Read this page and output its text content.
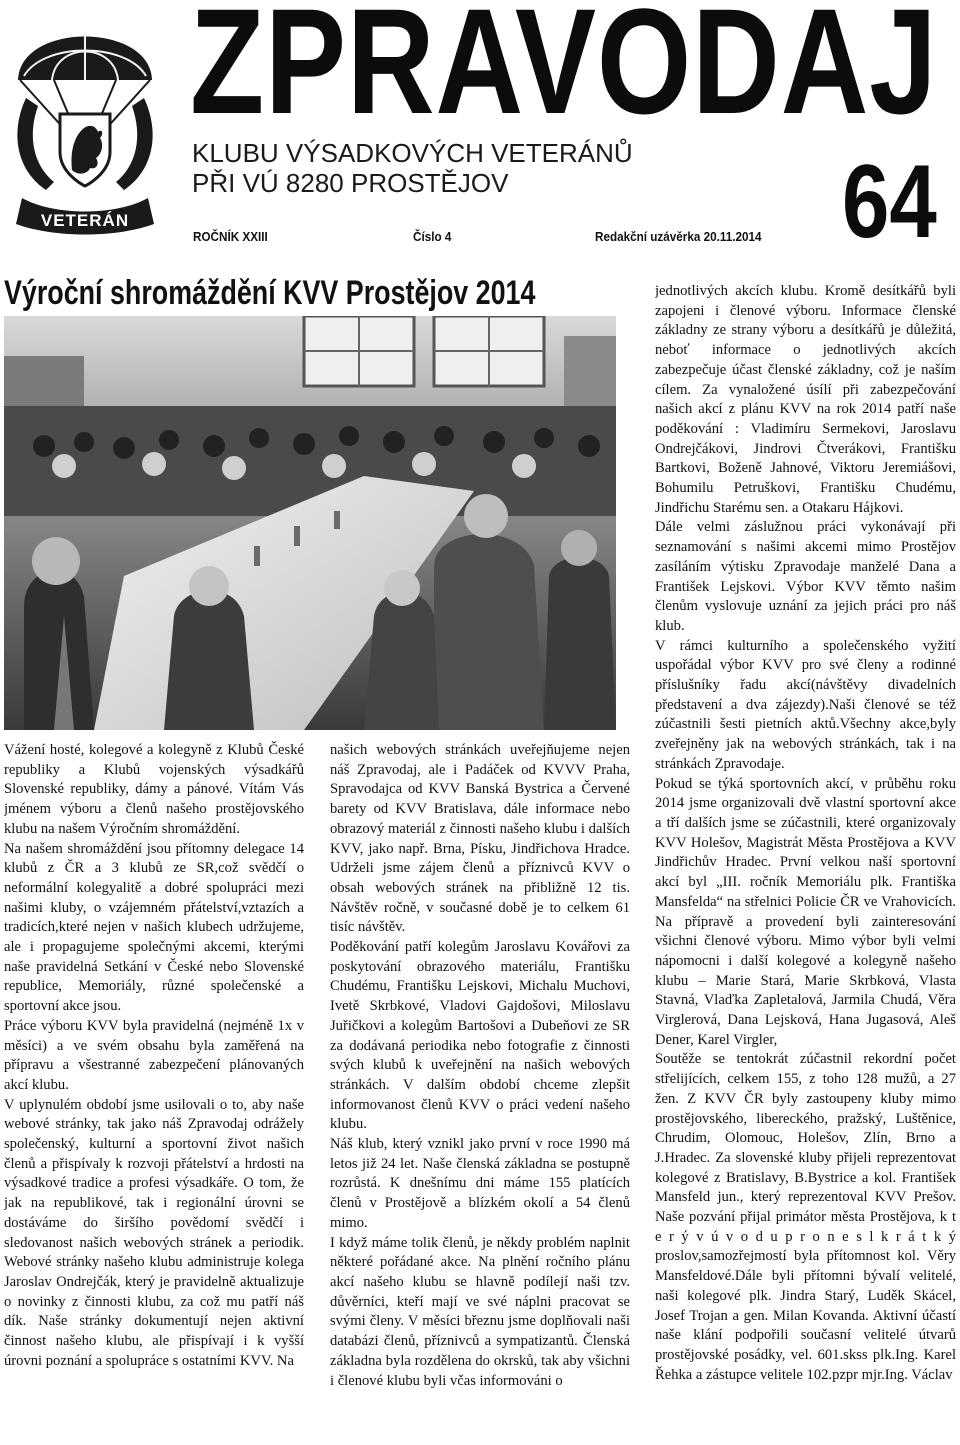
VETERÁN
ZPRAVODAJ
KLUBU VÝSADKOVÝCH VETERÁNŮ
PŘI VÚ 8280 PROSTĚJOV	64
ROČNÍK XXIII	Číslo 4	Redakční uzávěrka 20.11.2014
Výroční shromáždění KVV Prostějov 2014

Vážení hosté, kolegové a kolegyně z Klubů České republiky a Klubů vojenských výsadkářů Slovenské republiky, dámy a pánové. Vítám Vás jménem výboru a členů našeho prostějovského klubu na našem Výročním shromáždění.

Na našem shromáždění jsou přítomny delegace 14 klubů z ČR a 3 klubů ze SR,což svědčí o neformální kolegyalitě a dobré spolupráci mezi našimi kluby, o vzájemném přátelství,vztazích a tradicích,které nejen v našich klubech udržujeme, ale i propagujeme společnými akcemi, kterými naše pravidelná Setkání v České nebo Slovenské republice, Memoriály, různé společenské a sportovní akce jsou.

Práce výboru KVV byla pravidelná (nejméně 1x v měsíci) a ve svém obsahu byla zaměřená na přípravu a všestranné zabezpečení plánovaných akcí klubu.

V uplynulém období jsme usilovali o to, aby naše webové stránky, tak jako náš Zpravodaj odrážely společenský, kulturní a sportovní život našich členů a přispívaly k rozvoji přátelství a hrdosti na výsadkové tradice a profesi výsadkáře. O tom, že jak na republikové, tak i regionální úrovni se dostáváme do širšího povědomí svědčí i sledovanost našich webových stránek a periodik. Webové stránky našeho klubu administruje kolega Jaroslav Ondrejčák, který je pravidelně aktualizuje o novinky z činnosti klubu, za což mu patří náš dík. Naše stránky dokumentují nejen aktivní činnost našeho klubu, ale přispívají i k vyšší úrovni poznání a spolupráce s ostatními KVV. Na

našich webových stránkách uveřejňujeme nejen náš Zpravodaj, ale i Padáček od KVVV Praha, Spravodajca od KVV Banská Bystrica a Červené barety od KVV Bratislava, dále informace nebo obrazový materiál z činnosti našeho klubu i dalších KVV, jako např. Brna, Písku, Jindřichova Hradce. Udrželi jsme zájem členů a příznivců KVV o obsah webových stránek na přibližně 12 tis. Návštěv ročně, v současné době je to celkem 61 tisíc návštěv.

Poděkování patří kolegům Jaroslavu Kovářovi za poskytování obrazového materiálu, Františku Chudému, Františku Lejskovi, Michalu Muchovi, Ivetě Skrbkové, Vladovi Gajdošovi, Miloslavu Juřičkovi a kolegům Bartošovi a Dubeňovi ze SR za dodávaná periodika nebo fotografie z činnosti svých klubů k uveřejnění na našich webových stránkách. V dalším období chceme zlepšit informovanost členů KVV o práci vedení našeho klubu.

Náš klub, který vznikl jako první v roce 1990 má letos již 24 let. Naše členská základna se postupně rozrůstá. K dnešnímu dni máme 155 platících členů v Prostějově a blízkém okolí a 54 členů mimo.

I když máme tolik členů, je někdy problém naplnit některé pořádané akce. Na plnění ročního plánu akcí našeho klubu se hlavně podílejí naši tzv. důvěrníci, kteří mají ve své náplni pracovat se svými členy. V měsíci březnu jsme doplňovali naši databázi členů, příznivců a sympatizantů. Členská základna byla rozdělena do okrsků, tak aby všichni i členové klubu byli včas informováni o

jednotlivých akcích klubu. Kromě desítkářů byli zapojeni i členové výboru. Informace členské základny ze strany výboru a desítkářů je důležitá, neboť informace o jednotlivých akcích zabezpečuje účast členské základny, což je naším cílem. Za vynaložené úsílí při zabezpečování našich akcí z plánu KVV na rok 2014 patří naše poděkování : Vladimíru Sermekovi, Jaroslavu Ondrejčákovi, Jindrovi Čtverákovi, Františku Bartkovi, Boženě Jahnové, Viktoru Jeremiášovi, Bohumilu Petruškovi, Františku Chudému, Jindřichu Starému sen. a Otakaru Hájkovi.

Dále velmi záslužnou práci vykonávají při seznamování s našimi akcemi mimo Prostějov zasíláním výtisku Zpravodaje manželé Dana a František Lejskovi. Výbor KVV těmto našim členům vyslovuje uznání za jejich práci pro náš klub.

V rámci kulturního a společenského vyžití uspořádal výbor KVV pro své členy a rodinné příslušníky řadu akcí(návštěvy divadelních představení a dva zájezdy).Naši členové se též zúčastnili šesti pietních aktů.Všechny akce,byly zveřejněny jak na webových stránkách, tak i na stránkách Zpravodaje.

Pokud se týká sportovních akcí, v průběhu roku 2014 jsme organizovali dvě vlastní sportovní akce a tří dalších jsme se zúčastnili, které organizovaly KVV Holešov, Magistrát Města Prostějova a KVV Jindřichův Hradec. První velkou naší sportovní akcí byl „III. ročník Memoriálu plk. Františka Mansfelda“ na střelnici Policie ČR ve Vrahovicích. Na přípravě a provedení byli zainteresování všichni členové výboru. Mimo výbor byli velmi nápomocni i další kolegové a kolegyně našeho klubu – Marie Stará, Marie Skrbková, Vlasta Stavná, Vlaďka Zapletalová, Jarmila Chudá, Věra Virglerová, Dana Lejsková, Hana Jugasová, Aleš Dener, Karel Virgler,

Soutěže se tentokrát zúčastnil rekordní počet střelijících, celkem 155, z toho 128 mužů, a 27 žen. Z KVV ČR byly zastoupeny kluby mimo prostějovského, libereckého, pražský, Luštěnice, Chrudim, Olomouc, Holešov, Zlín, Brno a J.Hradec. Za slovenské kluby přijeli reprezentovat kolegové z Bratislavy, B.Bystrice a kol. František Mansfeld jun., který reprezentoval KVV Prešov. Naše pozvání přijal primátor města Prostějova, k t e r ý v ú v o d u p r o n e s l k r á t k ý proslov,samozřejmostí byla přítomnost kol. Věry Mansfeldové.Dále byli přítomni bývalí velitelé, naši kolegové plk. Jindra Starý, Luděk Skácel, Josef Trojan a gen. Milan Kovanda. Aktivní účastí naše klání podpořili současní velitelé útvarů prostějovské posádky, vel. 601.skss plk.Ing. Karel Řehka a zástupce velitele 102.pzpr mjr.Ing. Václav
